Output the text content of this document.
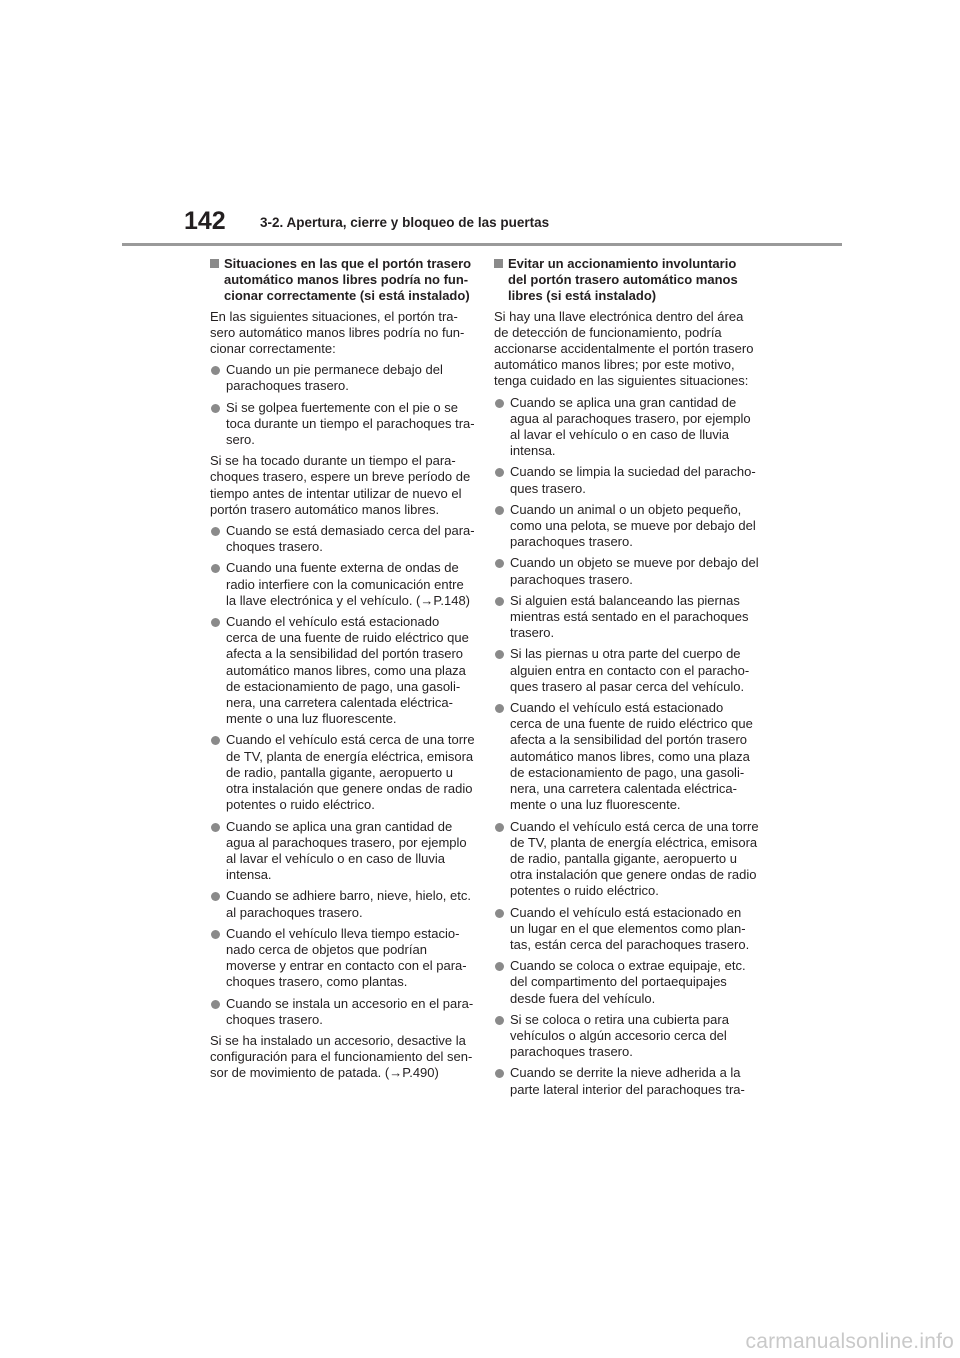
142	3-2. Apertura, cierre y bloqueo de las puertas
Situaciones en las que el portón trasero
automático manos libres podría no fun-
cionar correctamente (si está instalado)
En las siguientes situaciones, el portón tra-
sero automático manos libres podría no fun-
cionar correctamente:
Cuando un pie permanece debajo del
parachoques trasero.
Si se golpea fuertemente con el pie o se
toca durante un tiempo el parachoques tra-
sero.
Si se ha tocado durante un tiempo el para-
choques trasero, espere un breve período de
tiempo antes de intentar utilizar de nuevo el
portón trasero automático manos libres.
Cuando se está demasiado cerca del para-
choques trasero.
Cuando una fuente externa de ondas de
radio interfiere con la comunicación entre
la llave electrónica y el vehículo. (→P.148)
Cuando el vehículo está estacionado
cerca de una fuente de ruido eléctrico que
afecta a la sensibilidad del portón trasero
automático manos libres, como una plaza
de estacionamiento de pago, una gasoli-
nera, una carretera calentada eléctrica-
mente o una luz fluorescente.
Cuando el vehículo está cerca de una torre
de TV, planta de energía eléctrica, emisora
de radio, pantalla gigante, aeropuerto u
otra instalación que genere ondas de radio
potentes o ruido eléctrico.
Cuando se aplica una gran cantidad de
agua al parachoques trasero, por ejemplo
al lavar el vehículo o en caso de lluvia
intensa.
Cuando se adhiere barro, nieve, hielo, etc.
al parachoques trasero.
Cuando el vehículo lleva tiempo estacio-
nado cerca de objetos que podrían
moverse y entrar en contacto con el para-
choques trasero, como plantas.
Cuando se instala un accesorio en el para-
choques trasero.
Si se ha instalado un accesorio, desactive la
configuración para el funcionamiento del sen-
sor de movimiento de patada. (→P.490)
Evitar un accionamiento involuntario
del portón trasero automático manos
libres (si está instalado)
Si hay una llave electrónica dentro del área
de detección de funcionamiento, podría
accionarse accidentalmente el portón trasero
automático manos libres; por este motivo,
tenga cuidado en las siguientes situaciones:
Cuando se aplica una gran cantidad de
agua al parachoques trasero, por ejemplo
al lavar el vehículo o en caso de lluvia
intensa.
Cuando se limpia la suciedad del paracho-
ques trasero.
Cuando un animal o un objeto pequeño,
como una pelota, se mueve por debajo del
parachoques trasero.
Cuando un objeto se mueve por debajo del
parachoques trasero.
Si alguien está balanceando las piernas
mientras está sentado en el parachoques
trasero.
Si las piernas u otra parte del cuerpo de
alguien entra en contacto con el paracho-
ques trasero al pasar cerca del vehículo.
Cuando el vehículo está estacionado
cerca de una fuente de ruido eléctrico que
afecta a la sensibilidad del portón trasero
automático manos libres, como una plaza
de estacionamiento de pago, una gasoli-
nera, una carretera calentada eléctrica-
mente o una luz fluorescente.
Cuando el vehículo está cerca de una torre
de TV, planta de energía eléctrica, emisora
de radio, pantalla gigante, aeropuerto u
otra instalación que genere ondas de radio
potentes o ruido eléctrico.
Cuando el vehículo está estacionado en
un lugar en el que elementos como plan-
tas, están cerca del parachoques trasero.
Cuando se coloca o extrae equipaje, etc.
del compartimento del portaequipajes
desde fuera del vehículo.
Si se coloca o retira una cubierta para
vehículos o algún accesorio cerca del
parachoques trasero.
Cuando se derrite la nieve adherida a la
parte lateral interior del parachoques tra-
carmanualsonline.info
